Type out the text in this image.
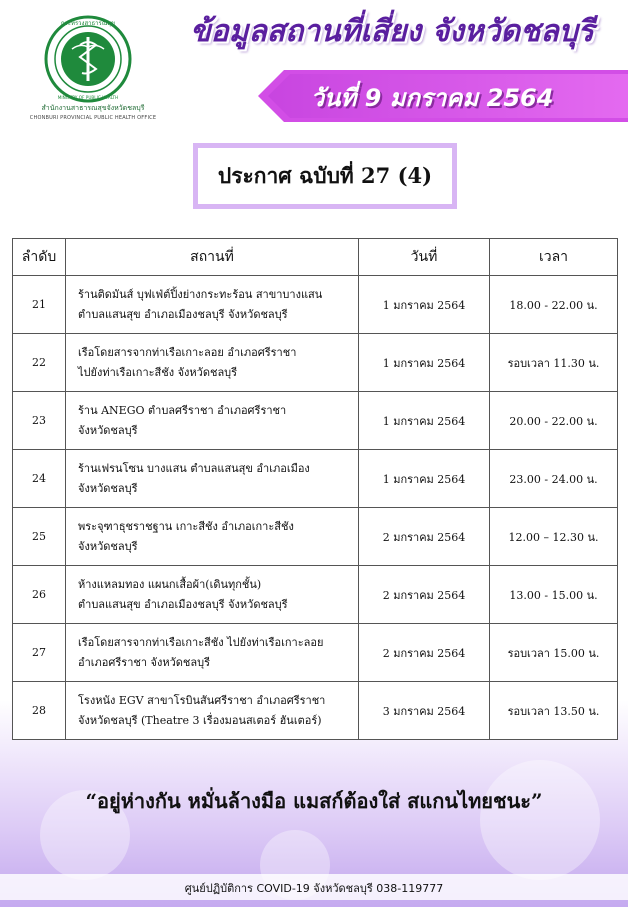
กระทรวงสาธารณสุข
MINISTRY OF PUBLIC HEALTH
สำนักงานสาธารณสุขจังหวัดชลบุรี
CHONBURI PROVINCIAL PUBLIC HEALTH OFFICE
ข้อมูลสถานที่เสี่ยง จังหวัดชลบุรี
วันที่ 9 มกราคม 2564
ประกาศ ฉบับที่ 27 (4)
ลำดับ	สถานที่	วันที่	เวลา
21	ร้านติดมันส์ บุฟเฟ่ต์ปิ้งย่างกระทะร้อน สาขาบางแสน
ตำบลแสนสุข อำเภอเมืองชลบุรี จังหวัดชลบุรี	1 มกราคม 2564	18.00 - 22.00 น.
22	เรือโดยสารจากท่าเรือเกาะลอย อำเภอศรีราชา
ไปยังท่าเรือเกาะสีชัง จังหวัดชลบุรี	1 มกราคม 2564	รอบเวลา 11.30 น.
23	ร้าน ANEGO ตำบลศรีราชา อำเภอศรีราชา
จังหวัดชลบุรี	1 มกราคม 2564	20.00 - 22.00 น.
24	ร้านเฟรนโซน บางแสน ตำบลแสนสุข อำเภอเมือง
จังหวัดชลบุรี	1 มกราคม 2564	23.00 - 24.00 น.
25	พระจุฑาธุชราชฐาน เกาะสีชัง อำเภอเกาะสีชัง
จังหวัดชลบุรี	2 มกราคม 2564	12.00 – 12.30 น.
26	ห้างแหลมทอง แผนกเสื้อผ้า(เดินทุกชั้น)
ตำบลแสนสุข อำเภอเมืองชลบุรี จังหวัดชลบุรี	2 มกราคม 2564	13.00 - 15.00 น.
27	เรือโดยสารจากท่าเรือเกาะสีชัง ไปยังท่าเรือเกาะลอย
อำเภอศรีราชา จังหวัดชลบุรี	2 มกราคม 2564	รอบเวลา 15.00 น.
28	โรงหนัง EGV สาขาโรบินสันศรีราชา อำเภอศรีราชา
จังหวัดชลบุรี (Theatre 3 เรื่องมอนสเตอร์ ฮันเตอร์)	3 มกราคม 2564	รอบเวลา 13.50 น.
“อยู่ห่างกัน หมั่นล้างมือ แมสก์ต้องใส่ สแกนไทยชนะ”
ศูนย์ปฏิบัติการ COVID-19 จังหวัดชลบุรี 038-119777
